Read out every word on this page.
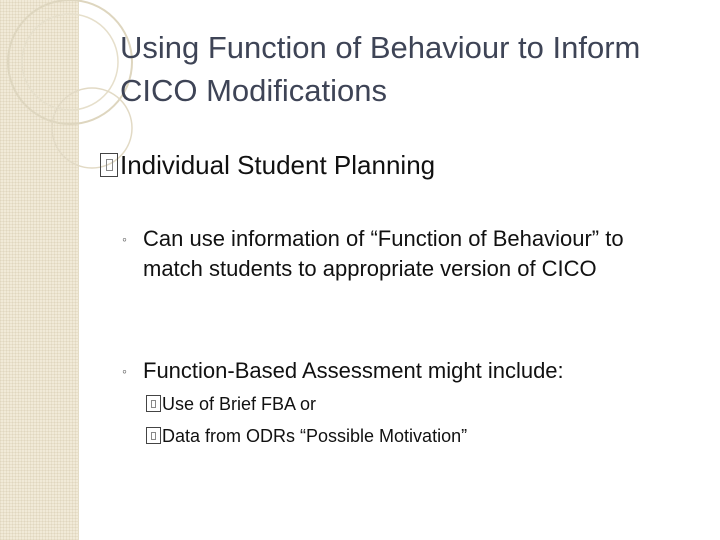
Using Function of Behaviour to Inform CICO Modifications
Individual Student Planning
◦ Can use information of “Function of Behaviour” to match students to appropriate version of CICO
◦ Function-Based Assessment might include:
Use of Brief FBA or
Data from ODRs “Possible Motivation”
